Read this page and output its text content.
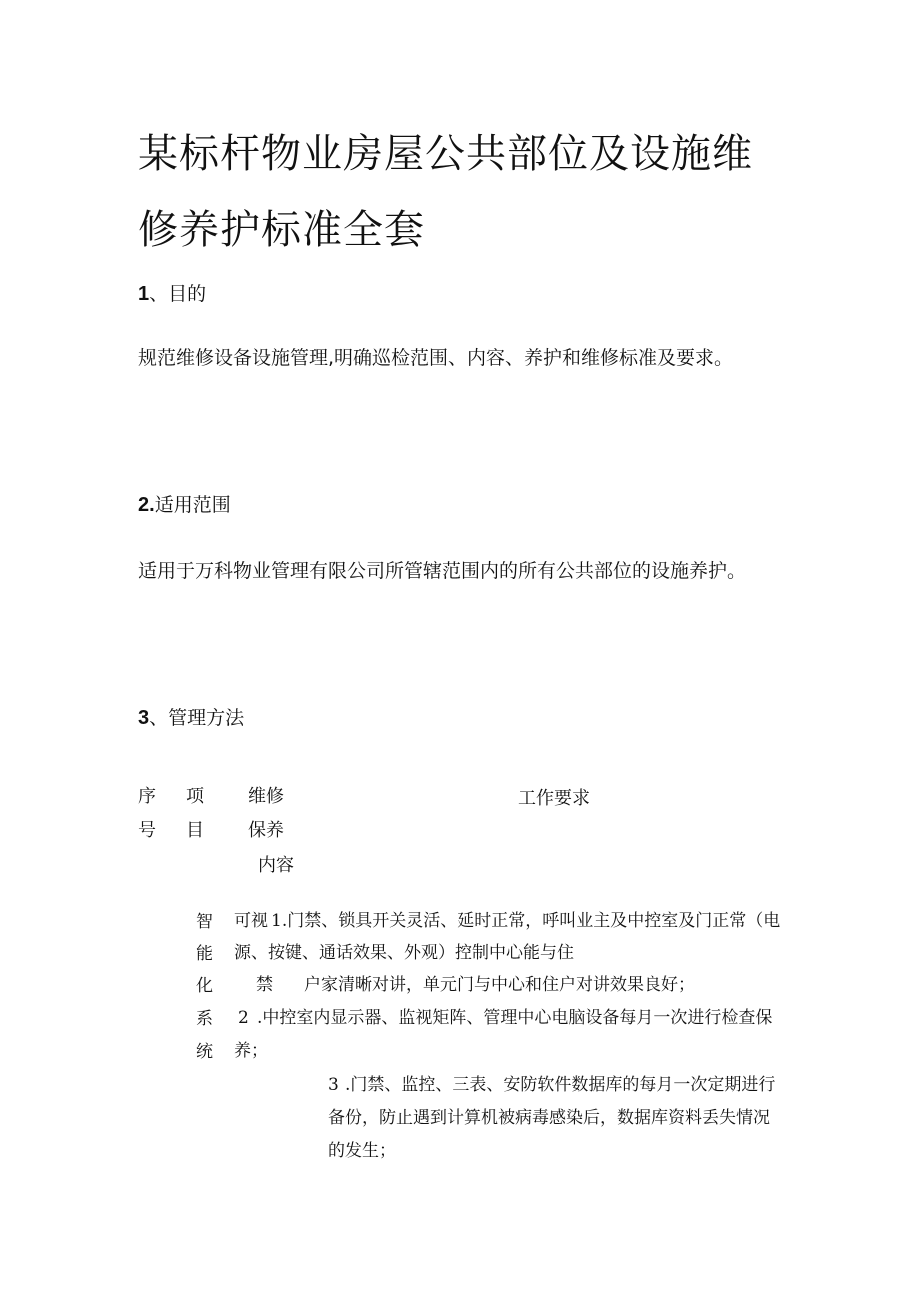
某标杆物业房屋公共部位及设施维
修养护标准全套
1、目的
规范维修设备设施管理,明确巡检范围、内容、养护和维修标准及要求。
2.适用范围
适用于万科物业管理有限公司所管辖范围内的所有公共部位的设施养护。
3、管理方法
序
号
项
目
维修
保养
内容
工作要求
智
能
化
系
统
可视
禁
1.门禁、锁具开关灵活、延时正常，呼叫业主及中控室及门正常（电
源、按键、通话效果、外观）控制中心能与住
户家清晰对讲，单元门与中心和住户对讲效果良好；
2 .中控室内显示器、监视矩阵、管理中心电脑设备每月一次进行检查保
养；
3 .门禁、监控、三表、安防软件数据库的每月一次定期进行
备份，防止遇到计算机被病毒感染后，数据库资料丢失情况
的发生；
